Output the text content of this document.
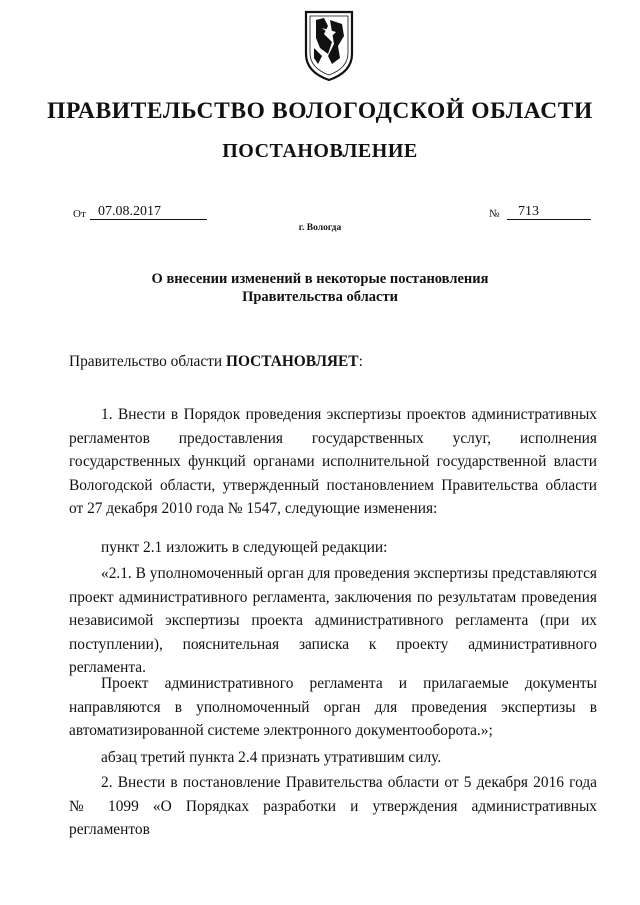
ПРАВИТЕЛЬСТВО ВОЛОГОДСКОЙ ОБЛАСТИ
ПОСТАНОВЛЕНИЕ
От 07.08.2017	№	713
г. Вологда
О внесении изменений в некоторые постановления
Правительства области
Правительство области ПОСТАНОВЛЯЕТ:
1. Внести в Порядок проведения экспертизы проектов административных регламентов предоставления государственных услуг, исполнения государственных функций органами исполнительной государственной власти Вологодской области, утвержденный постановлением Правительства области от 27 декабря 2010 года № 1547, следующие изменения:
пункт 2.1 изложить в следующей редакции:
«2.1. В уполномоченный орган для проведения экспертизы представляются проект административного регламента, заключения по результатам проведения независимой экспертизы проекта административного регламента (при их поступлении), пояснительная записка к проекту административного регламента.
Проект административного регламента и прилагаемые документы направляются в уполномоченный орган для проведения экспертизы в автоматизированной системе электронного документооборота.»;
абзац третий пункта 2.4 признать утратившим силу.
2. Внести в постановление Правительства области от 5 декабря 2016 года № 1099 «О Порядках разработки и утверждения административных регламентов
